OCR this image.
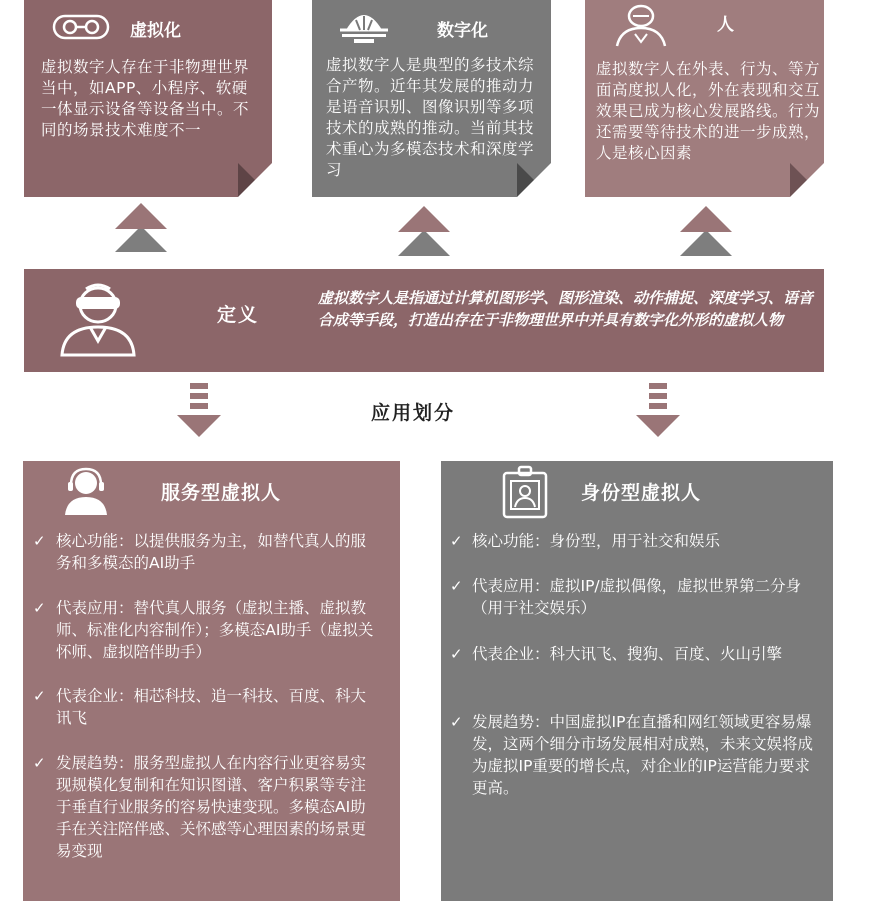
虚拟化
虚拟数字人存在于非物理世界当中，如APP、小程序、软硬一体显示设备等设备当中。不同的场景技术难度不一
数字化
虚拟数字人是典型的多技术综合产物。近年其发展的推动力是语音识别、图像识别等多项技术的成熟的推动。当前其技术重心为多模态技术和深度学习
人
虚拟数字人在外表、行为、等方面高度拟人化，外在表现和交互效果已成为核心发展路线。行为还需要等待技术的进一步成熟，人是核心因素
定义
虚拟数字人是指通过计算机图形学、图形渲染、动作捕捉、深度学习、语音合成等手段，打造出存在于非物理世界中并具有数字化外形的虚拟人物
应用划分
服务型虚拟人
✓ 核心功能：以提供服务为主，如替代真人的服务和多模态的AI助手
✓ 代表应用：替代真人服务（虚拟主播、虚拟教师、标准化内容制作）；多模态AI助手（虚拟关怀师、虚拟陪伴助手）
✓ 代表企业：相芯科技、追一科技、百度、科大讯飞
✓ 发展趋势：服务型虚拟人在内容行业更容易实现规模化复制和在知识图谱、客户积累等专注于垂直行业服务的容易快速变现。多模态AI助手在关注陪伴感、关怀感等心理因素的场景更易变现
身份型虚拟人
✓ 核心功能：身份型，用于社交和娱乐
✓ 代表应用：虚拟IP/虚拟偶像，虚拟世界第二分身（用于社交娱乐）
✓ 代表企业：科大讯飞、搜狗、百度、火山引擎
✓ 发展趋势：中国虚拟IP在直播和网红领域更容易爆发，这两个细分市场发展相对成熟，未来文娱将成为虚拟IP重要的增长点，对企业的IP运营能力要求更高。
